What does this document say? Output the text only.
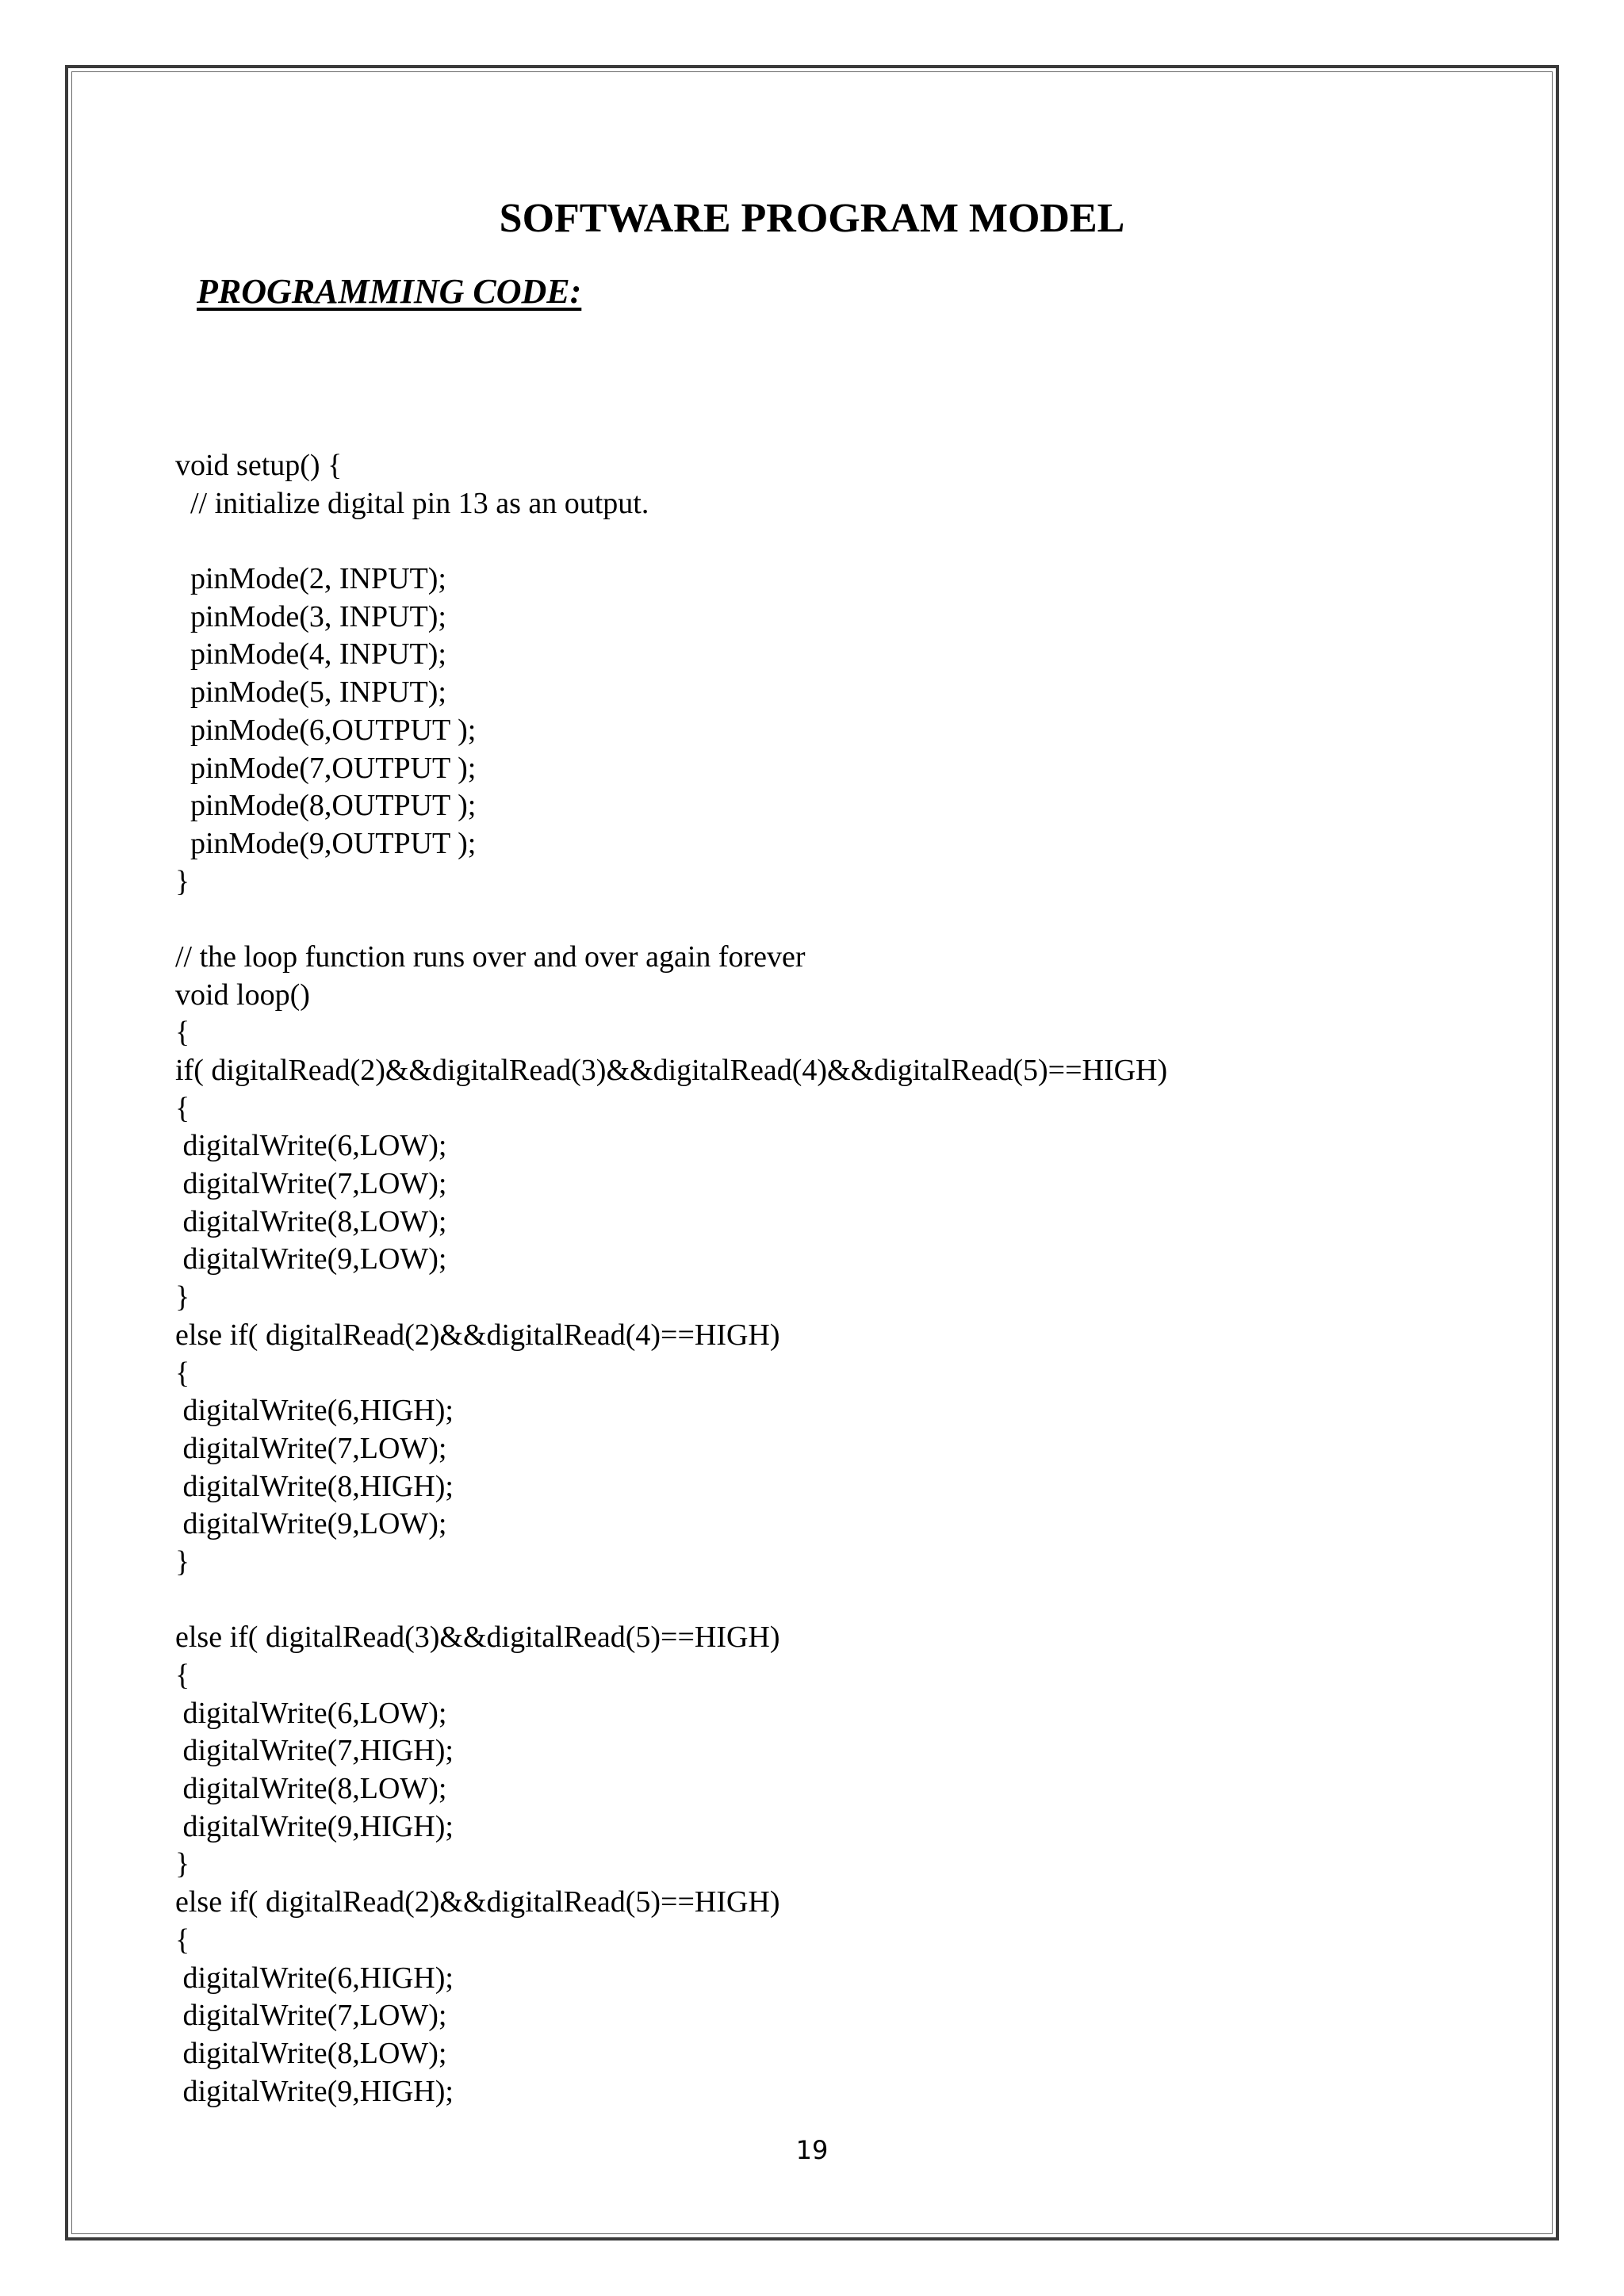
SOFTWARE PROGRAM MODEL
PROGRAMMING CODE:
void setup() {
// initialize digital pin 13 as an output.
pinMode(2, INPUT);
pinMode(3, INPUT);
pinMode(4, INPUT);
pinMode(5, INPUT);
pinMode(6,OUTPUT );
pinMode(7,OUTPUT );
pinMode(8,OUTPUT );
pinMode(9,OUTPUT );
}
// the loop function runs over and over again forever
void loop()
{
if( digitalRead(2)&&digitalRead(3)&&digitalRead(4)&&digitalRead(5)==HIGH)
{
digitalWrite(6,LOW);
digitalWrite(7,LOW);
digitalWrite(8,LOW);
digitalWrite(9,LOW);
}
else if( digitalRead(2)&&digitalRead(4)==HIGH)
{
digitalWrite(6,HIGH);
digitalWrite(7,LOW);
digitalWrite(8,HIGH);
digitalWrite(9,LOW);
}
else if( digitalRead(3)&&digitalRead(5)==HIGH)
{
digitalWrite(6,LOW);
digitalWrite(7,HIGH);
digitalWrite(8,LOW);
digitalWrite(9,HIGH);
}
else if( digitalRead(2)&&digitalRead(5)==HIGH)
{
digitalWrite(6,HIGH);
digitalWrite(7,LOW);
digitalWrite(8,LOW);
digitalWrite(9,HIGH);
19
